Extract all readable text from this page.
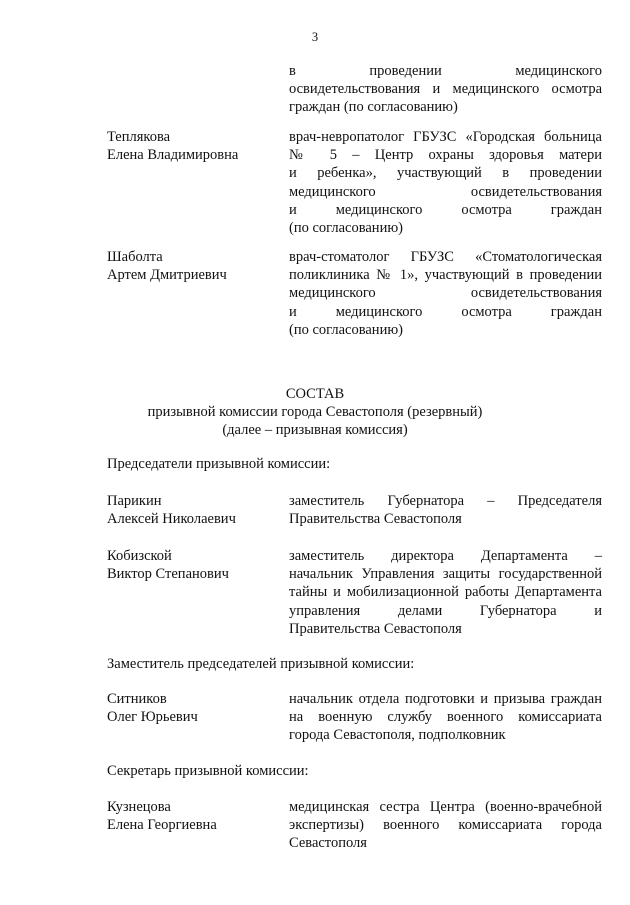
3
в проведении медицинского
освидетельствования и медицинского осмотра
граждан (по согласованию)
Теплякова
Елена Владимировна
врач-невропатолог ГБУЗС «Городская больница
№ 5 – Центр охраны здоровья матери
и ребенка», участвующий в проведении
медицинского освидетельствования
и медицинского осмотра граждан
(по согласованию)
Шаболта
Артем Дмитриевич
врач-стоматолог ГБУЗС «Стоматологическая
поликлиника № 1», участвующий в проведении
медицинского освидетельствования
и медицинского осмотра граждан
(по согласованию)
СОСТАВ
призывной комиссии города Севастополя (резервный)
(далее – призывная комиссия)
Председатели призывной комиссии:
Парикин
Алексей Николаевич
заместитель Губернатора – Председателя
Правительства Севастополя
Кобизской
Виктор Степанович
заместитель директора Департамента –
начальник Управления защиты государственной
тайны и мобилизационной работы Департамента
управления делами Губернатора и
Правительства Севастополя
Заместитель председателей призывной комиссии:
Ситников
Олег Юрьевич
начальник отдела подготовки и призыва граждан
на военную службу военного комиссариата
города Севастополя, подполковник
Секретарь призывной комиссии:
Кузнецова
Елена Георгиевна
медицинская сестра Центра (военно-врачебной
экспертизы) военного комиссариата города
Севастополя
